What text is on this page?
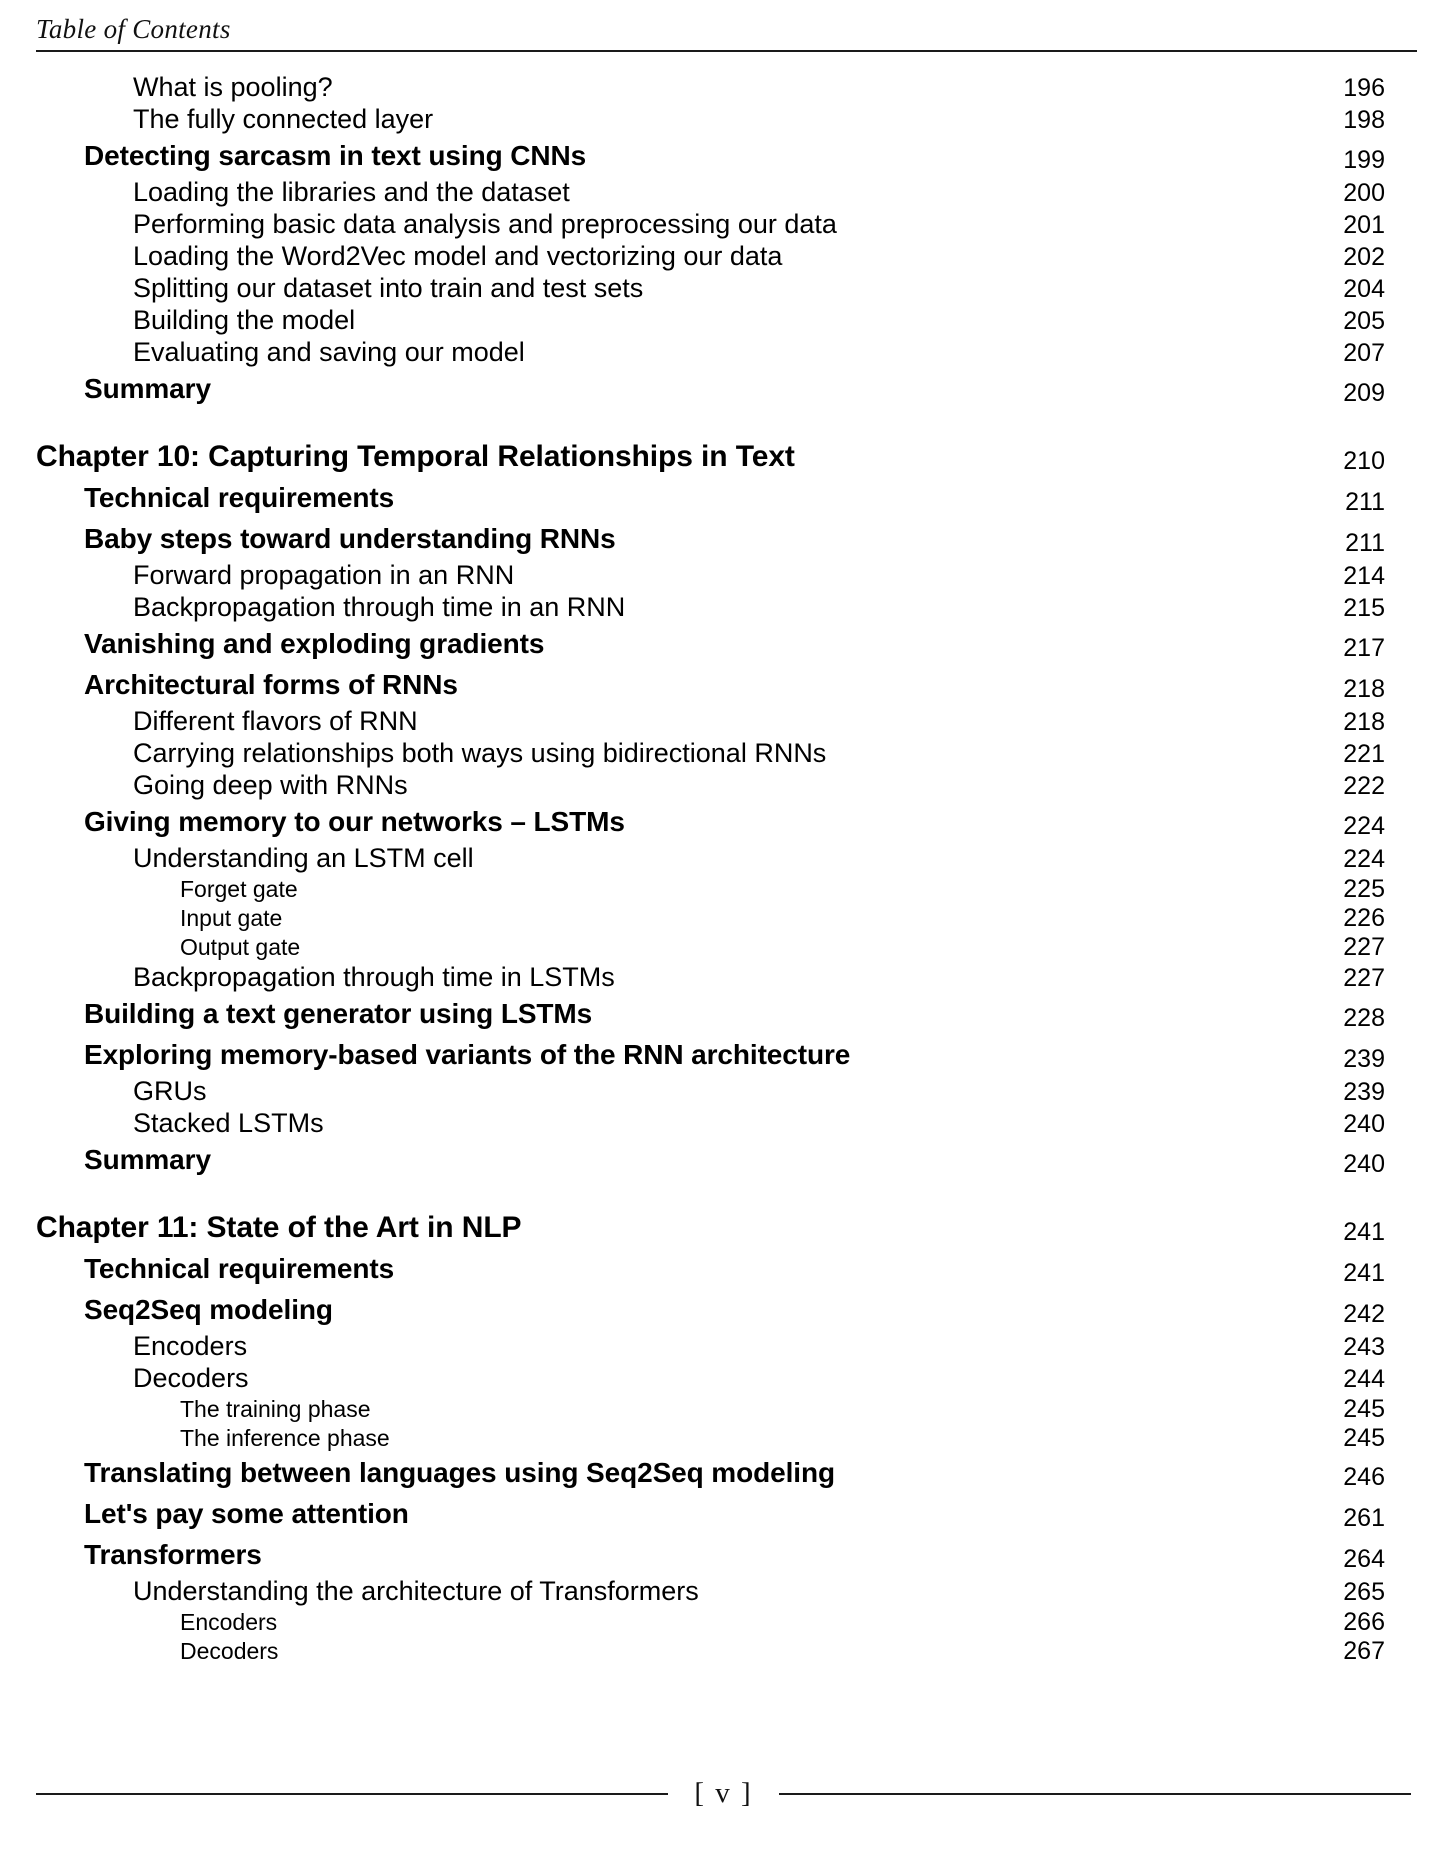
Table of Contents
What is pooling?	196
The fully connected layer	198
Detecting sarcasm in text using CNNs	199
Loading the libraries and the dataset	200
Performing basic data analysis and preprocessing our data	201
Loading the Word2Vec model and vectorizing our data	202
Splitting our dataset into train and test sets	204
Building the model	205
Evaluating and saving our model	207
Summary	209
Chapter 10: Capturing Temporal Relationships in Text	210
Technical requirements	211
Baby steps toward understanding RNNs	211
Forward propagation in an RNN	214
Backpropagation through time in an RNN	215
Vanishing and exploding gradients	217
Architectural forms of RNNs	218
Different flavors of RNN	218
Carrying relationships both ways using bidirectional RNNs	221
Going deep with RNNs	222
Giving memory to our networks – LSTMs	224
Understanding an LSTM cell	224
Forget gate	225
Input gate	226
Output gate	227
Backpropagation through time in LSTMs	227
Building a text generator using LSTMs	228
Exploring memory-based variants of the RNN architecture	239
GRUs	239
Stacked LSTMs	240
Summary	240
Chapter 11: State of the Art in NLP	241
Technical requirements	241
Seq2Seq modeling	242
Encoders	243
Decoders	244
The training phase	245
The inference phase	245
Translating between languages using Seq2Seq modeling	246
Let's pay some attention	261
Transformers	264
Understanding the architecture of Transformers	265
Encoders	266
Decoders	267
[ v ]
